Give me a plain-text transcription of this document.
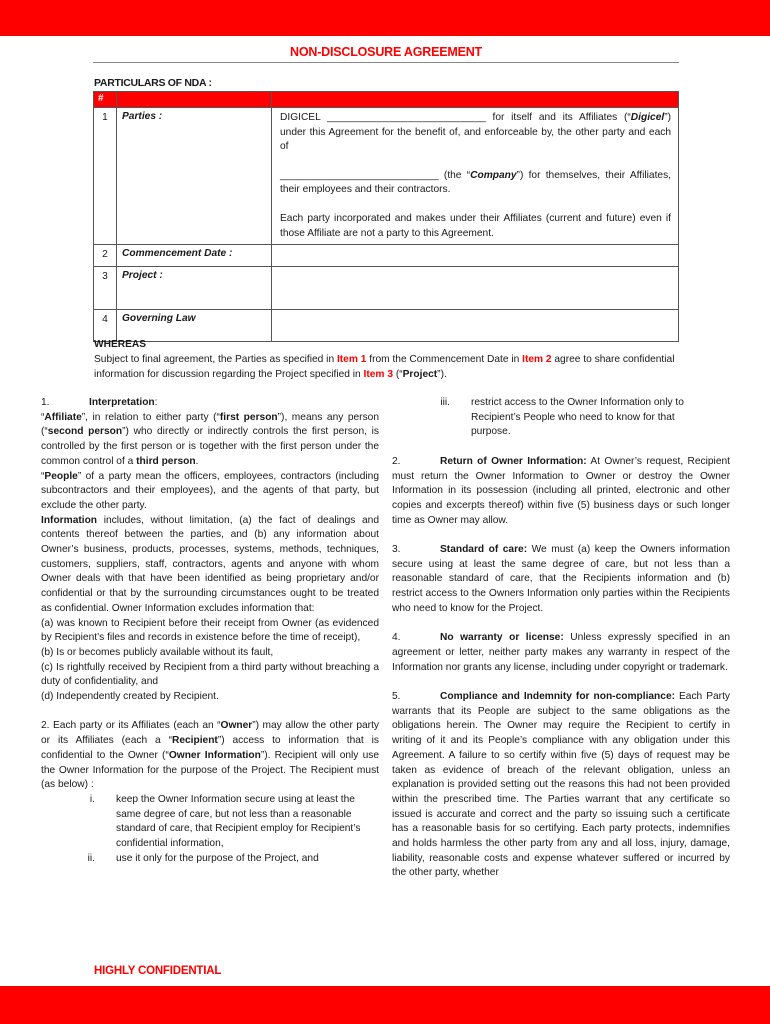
NON-DISCLOSURE AGREEMENT
PARTICULARS OF NDA :
#		
1	Parties :	DIGICEL ____________________________ for itself and its Affiliates (“Digicel”) under this Agreement for the benefit of, and enforceable by, the other party and each of
____________________________ (the “Company”) for themselves, their Affiliates, their employees and their contractors.
Each party incorporated and makes under their Affiliates (current and future) even if those Affiliate are not a party to this Agreement.

2	Commencement Date :	
3	Project :	
4	Governing Law	
WHEREAS
Subject to final agreement, the Parties as specified in Item 1 from the Commencement Date in Item 2 agree to share confidential information for discussion regarding the Project specified in Item 3 (“Project”).

1.	Interpretation:

“Affiliate”, in relation to either party (“first person”), means any person (“second person”) who directly or indirectly controls the first person, is controlled by the first person or is together with the first person under the common control of a third person.

“People” of a party mean the officers, employees, contractors (including subcontractors and their employees), and the agents of that party, but exclude the other party.

Information includes, without limitation, (a) the fact of dealings and contents thereof between the parties, and (b) any information about Owner’s business, products, processes, systems, methods, techniques, customers, suppliers, staff, contractors, agents and anyone with whom Owner deals with that have been identified as being proprietary and/or confidential or that by the surrounding circumstances ought to be treated as confidential. Owner Information excludes information that:

(a) was known to Recipient before their receipt from Owner (as evidenced by Recipient’s files and records in existence before the time of receipt),

(b) Is or becomes publicly available without its fault,

(c) Is rightfully received by Recipient from a third party without breaching a duty of confidentiality, and

(d) Independently created by Recipient.

2. Each party or its Affiliates (each an “Owner”) may allow the other party or its Affiliates (each a “Recipient”) access to information that is confidential to the Owner (“Owner Information”). Recipient will only use the Owner Information for the purpose of the Project. The Recipient must (as below) :

i.	keep the Owner Information secure using at least the same degree of care, but not less than a reasonable standard of care, that Recipient employ for Recipient’s confidential information,
ii.	use it only for the purpose of the Project, and
iii.	restrict access to the Owner Information only to Recipient’s People who need to know for that purpose.

2.	Return of Owner Information: At Owner’s request, Recipient must return the Owner Information to Owner or destroy the Owner Information in its possession (including all printed, electronic and other copies and excerpts thereof) within five (5) business days or such longer time as Owner may allow.

3.	Standard of care: We must (a) keep the Owners information secure using at least the same degree of care, but not less than a reasonable standard of care, that the Recipients information and (b) restrict access to the Owners Information only parties within the Recipients who need to know for the Project.

4.	No warranty or license: Unless expressly specified in an agreement or letter, neither party makes any warranty in respect of the Information nor grants any license, including under copyright or trademark.

5.	Compliance and Indemnity for non-compliance: Each Party warrants that its People are subject to the same obligations as the obligations herein. The Owner may require the Recipient to certify in writing of it and its People’s compliance with any obligation under this Agreement. A failure to so certify within five (5) days of request may be taken as evidence of breach of the relevant obligation, unless an explanation is provided setting out the reasons this had not been provided within the prescribed time. The Parties warrant that any certificate so issued is accurate and correct and the party so issuing such a certificate has a reasonable basis for so certifying. Each party protects, indemnifies and holds harmless the other party from any and all loss, injury, damage, liability, reasonable costs and expense whatever suffered or incurred by the other party, whether

HIGHLY CONFIDENTIAL
